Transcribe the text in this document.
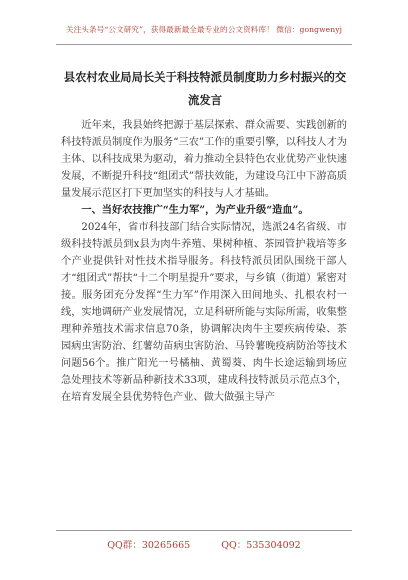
关注头条号“公文研究”，获得最新最全最专业的公文资料库！ 微信：gongwenyj
县农村农业局局长关于科技特派员制度助力乡村振兴的交流发言

近年来，我县始终把源于基层探索、群众需要、实践创新的科技特派员制度作为服务“三农”工作的重要引擎，以科技人才为主体、以科技成果为驱动，着力推动全县特色农业优势产业快速发展，不断提升科技“组团式”帮扶效能，为建设乌江中下游高质量发展示范区打下更加坚实的科技与人才基础。

一、当好农技推广“生力军”，为产业升级“造血”。

2024年，省市科技部门结合实际情况，选派24名省级、市级科技特派员到x县为肉牛养殖、果树种植、茶园管护栽培等多个产业提供针对性技术指导服务。科技特派员团队围绕干部人才“组团式”帮扶“十二个明星提升”要求，与乡镇（街道）紧密对接。服务团充分发挥“生力军”作用深入田间地头、扎根农村一线，实地调研产业发展情况，立足科研所能与实际所需，收集整理种养殖技术需求信息70条，协调解决肉牛主要疾病传染、茶园病虫害防治、红薯幼苗病虫害防治、马铃薯晚疫病防治等技术问题56个。推广阳光一号橘柚、黄蜀葵、肉牛长途运输到场应急处理技术等新品种新技术33项，建成科技特派员示范点3个，在培育发展全县优势特色产业、做大做强主导产

QQ群：30265665	QQ：535304092
